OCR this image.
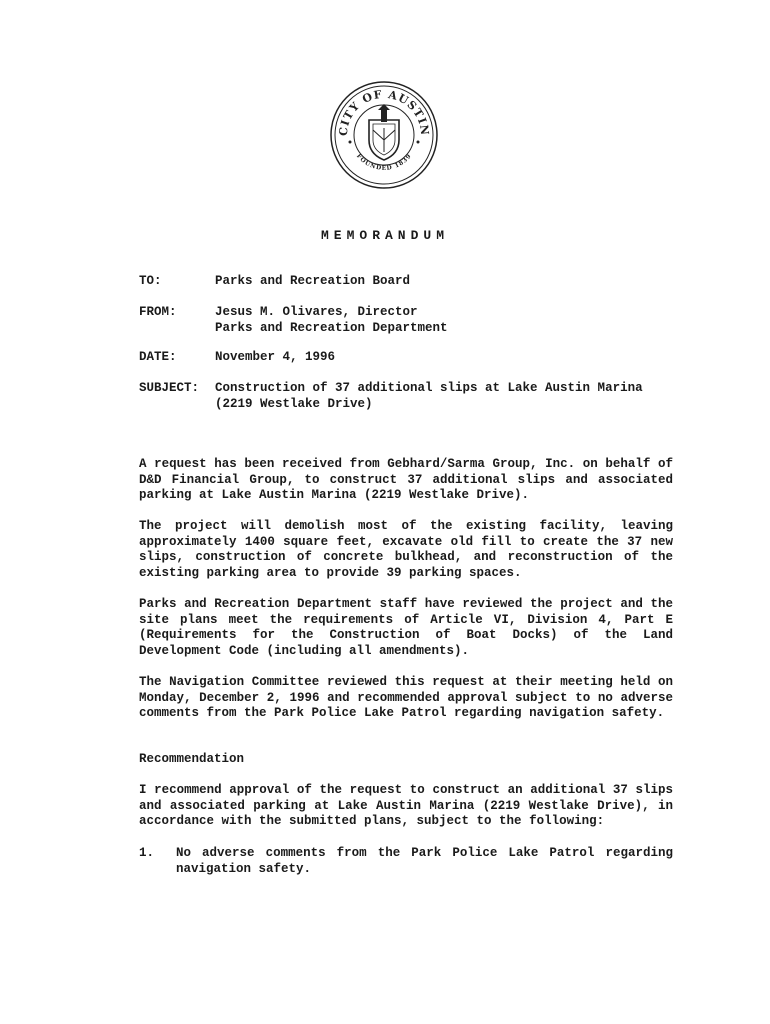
CITY OF AUSTIN
FOUNDED 1839
MEMORANDUM
TO:	Parks and Recreation Board
FROM:	Jesus M. Olivares, Director
Parks and Recreation Department
DATE:	November 4, 1996
SUBJECT:	Construction of 37 additional slips at Lake Austin Marina
(2219 Westlake Drive)
A request has been received from Gebhard/Sarma Group, Inc. on behalf of D&D Financial Group, to construct 37 additional slips and associated parking at Lake Austin Marina (2219 Westlake Drive).
The project will demolish most of the existing facility, leaving approximately 1400 square feet, excavate old fill to create the 37 new slips, construction of concrete bulkhead, and reconstruction of the existing parking area to provide 39 parking spaces.
Parks and Recreation Department staff have reviewed the project and the site plans meet the requirements of Article VI, Division 4, Part E (Requirements for the Construction of Boat Docks) of the Land Development Code (including all amendments).
The Navigation Committee reviewed this request at their meeting held on Monday, December 2, 1996 and recommended approval subject to no adverse comments from the Park Police Lake Patrol regarding navigation safety.
Recommendation
I recommend approval of the request to construct an additional 37 slips and associated parking at Lake Austin Marina (2219 Westlake Drive), in accordance with the submitted plans, subject to the following:
1. No adverse comments from the Park Police Lake Patrol regarding navigation safety.
